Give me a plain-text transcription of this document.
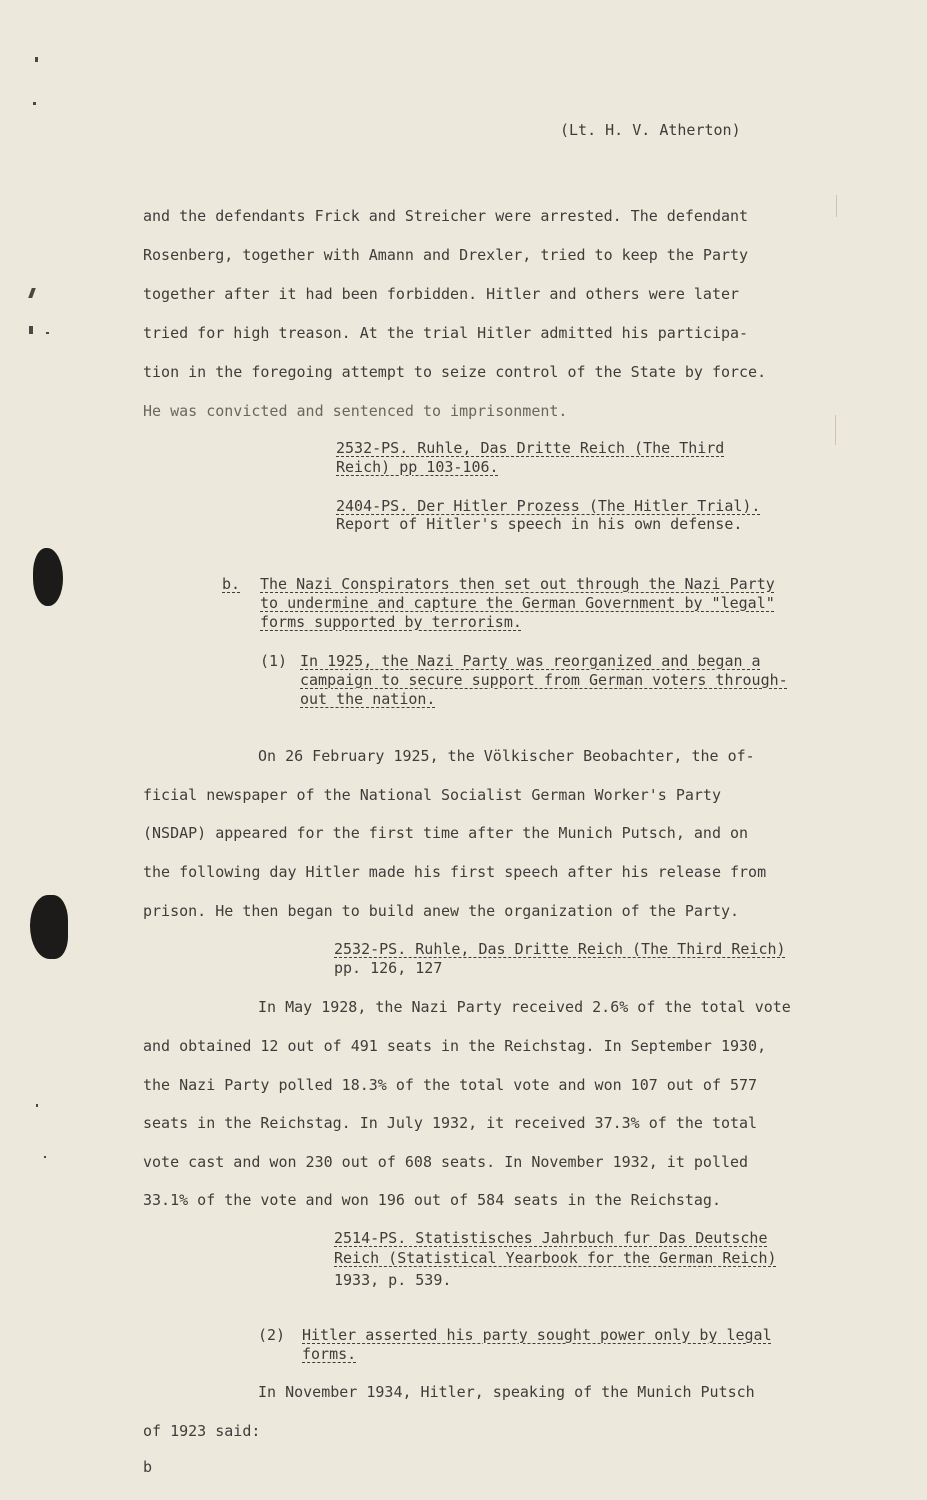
(Lt. H. V. Atherton)
and the defendants Frick and Streicher were arrested. The defendant
Rosenberg, together with Amann and Drexler, tried to keep the Party
together after it had been forbidden. Hitler and others were later
tried for high treason. At the trial Hitler admitted his participa-
tion in the foregoing attempt to seize control of the State by force.
He was convicted and sentenced to imprisonment.
2532-PS. Ruhle, Das Dritte Reich (The Third
Reich) pp 103-106.
2404-PS. Der Hitler Prozess (The Hitler Trial).
Report of Hitler's speech in his own defense.
b. The Nazi Conspirators then set out through the Nazi Party
to undermine and capture the German Government by "legal"
forms supported by terrorism.
(1) In 1925, the Nazi Party was reorganized and began a
campaign to secure support from German voters through-
out the nation.
On 26 February 1925, the Völkischer Beobachter, the of-
ficial newspaper of the National Socialist German Worker's Party
(NSDAP) appeared for the first time after the Munich Putsch, and on
the following day Hitler made his first speech after his release from
prison. He then began to build anew the organization of the Party.
2532-PS. Ruhle, Das Dritte Reich (The Third Reich)
pp. 126, 127
In May 1928, the Nazi Party received 2.6% of the total vote
and obtained 12 out of 491 seats in the Reichstag. In September 1930,
the Nazi Party polled 18.3% of the total vote and won 107 out of 577
seats in the Reichstag. In July 1932, it received 37.3% of the total
vote cast and won 230 out of 608 seats. In November 1932, it polled
33.1% of the vote and won 196 out of 584 seats in the Reichstag.
2514-PS. Statistisches Jahrbuch fur Das Deutsche
Reich (Statistical Yearbook for the German Reich)
1933, p. 539.
(2) Hitler asserted his party sought power only by legal
forms.
In November 1934, Hitler, speaking of the Munich Putsch
of 1923 said:
b
